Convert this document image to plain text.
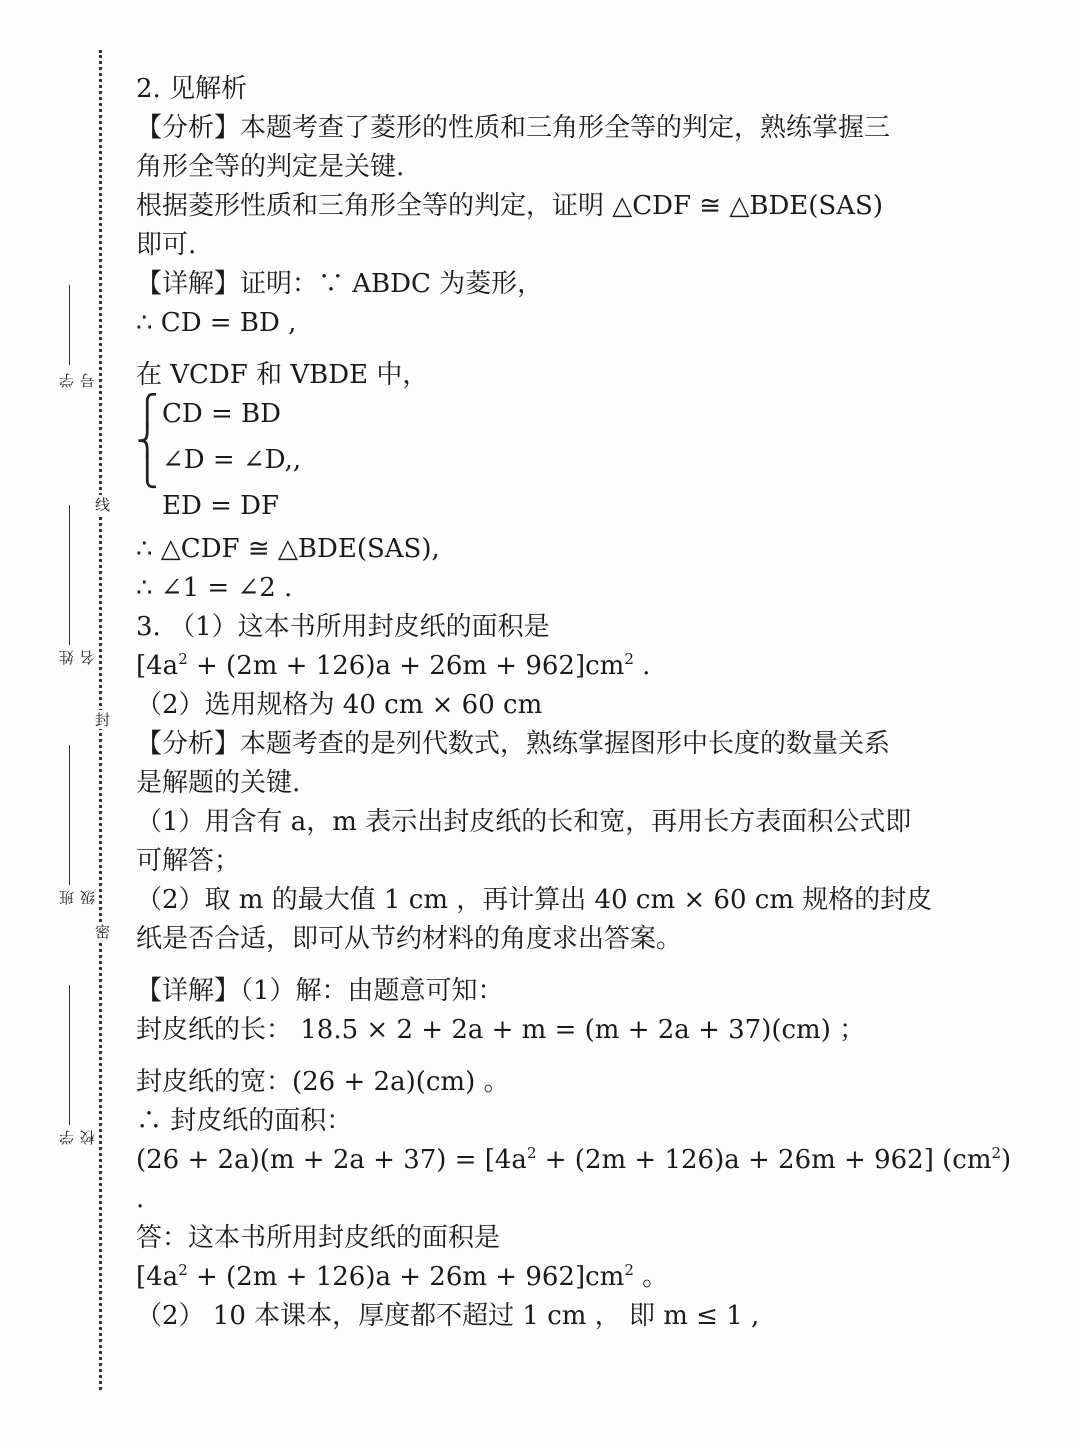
线
封
密
学号
姓名
班级
学校
2. 见解析
【分析】本题考查了菱形的性质和三角形全等的判定，熟练掌握三
角形全等的判定是关键.
根据菱形性质和三角形全等的判定，证明 △CDF ≅ △BDE(SAS)
即可.
【详解】证明：∵ ABDC 为菱形，
∴ CD = BD ,
在 VCDF 和 VBDE 中，
⎧
⎨
⎩
CD = BD
∠D = ∠D,,
ED = DF
∴ △CDF ≅ △BDE(SAS),
∴ ∠1 = ∠2 .
3. （1）这本书所用封皮纸的面积是
$[4a^2 + (2m + 126)a + 26m + 962]cm^2$ .
（2）选用规格为 40 cm × 60 cm
【分析】本题考查的是列代数式，熟练掌握图形中长度的数量关系
是解题的关键.
（1）用含有 a，m 表示出封皮纸的长和宽，再用长方表面积公式即
可解答；
（2）取 m 的最大值 1 cm ，再计算出 40 cm × 60 cm 规格的封皮
纸是否合适，即可从节约材料的角度求出答案。
【详解】（1）解：由题意可知：
封皮纸的长： 18.5 × 2 + 2a + m = (m + 2a + 37)(cm) ；
封皮纸的宽：(26 + 2a)(cm) 。
∴ 封皮纸的面积：
$(26 + 2a)(m + 2a + 37) = [4a^2 + (2m + 126)a + 26m + 962]$ $(cm^2)$
.
答：这本书所用封皮纸的面积是
$[4a^2 + (2m + 126)a + 26m + 962]cm^2$ 。
（2） 10 本课本，厚度都不超过 1 cm ， 即 m ≤ 1 ,
